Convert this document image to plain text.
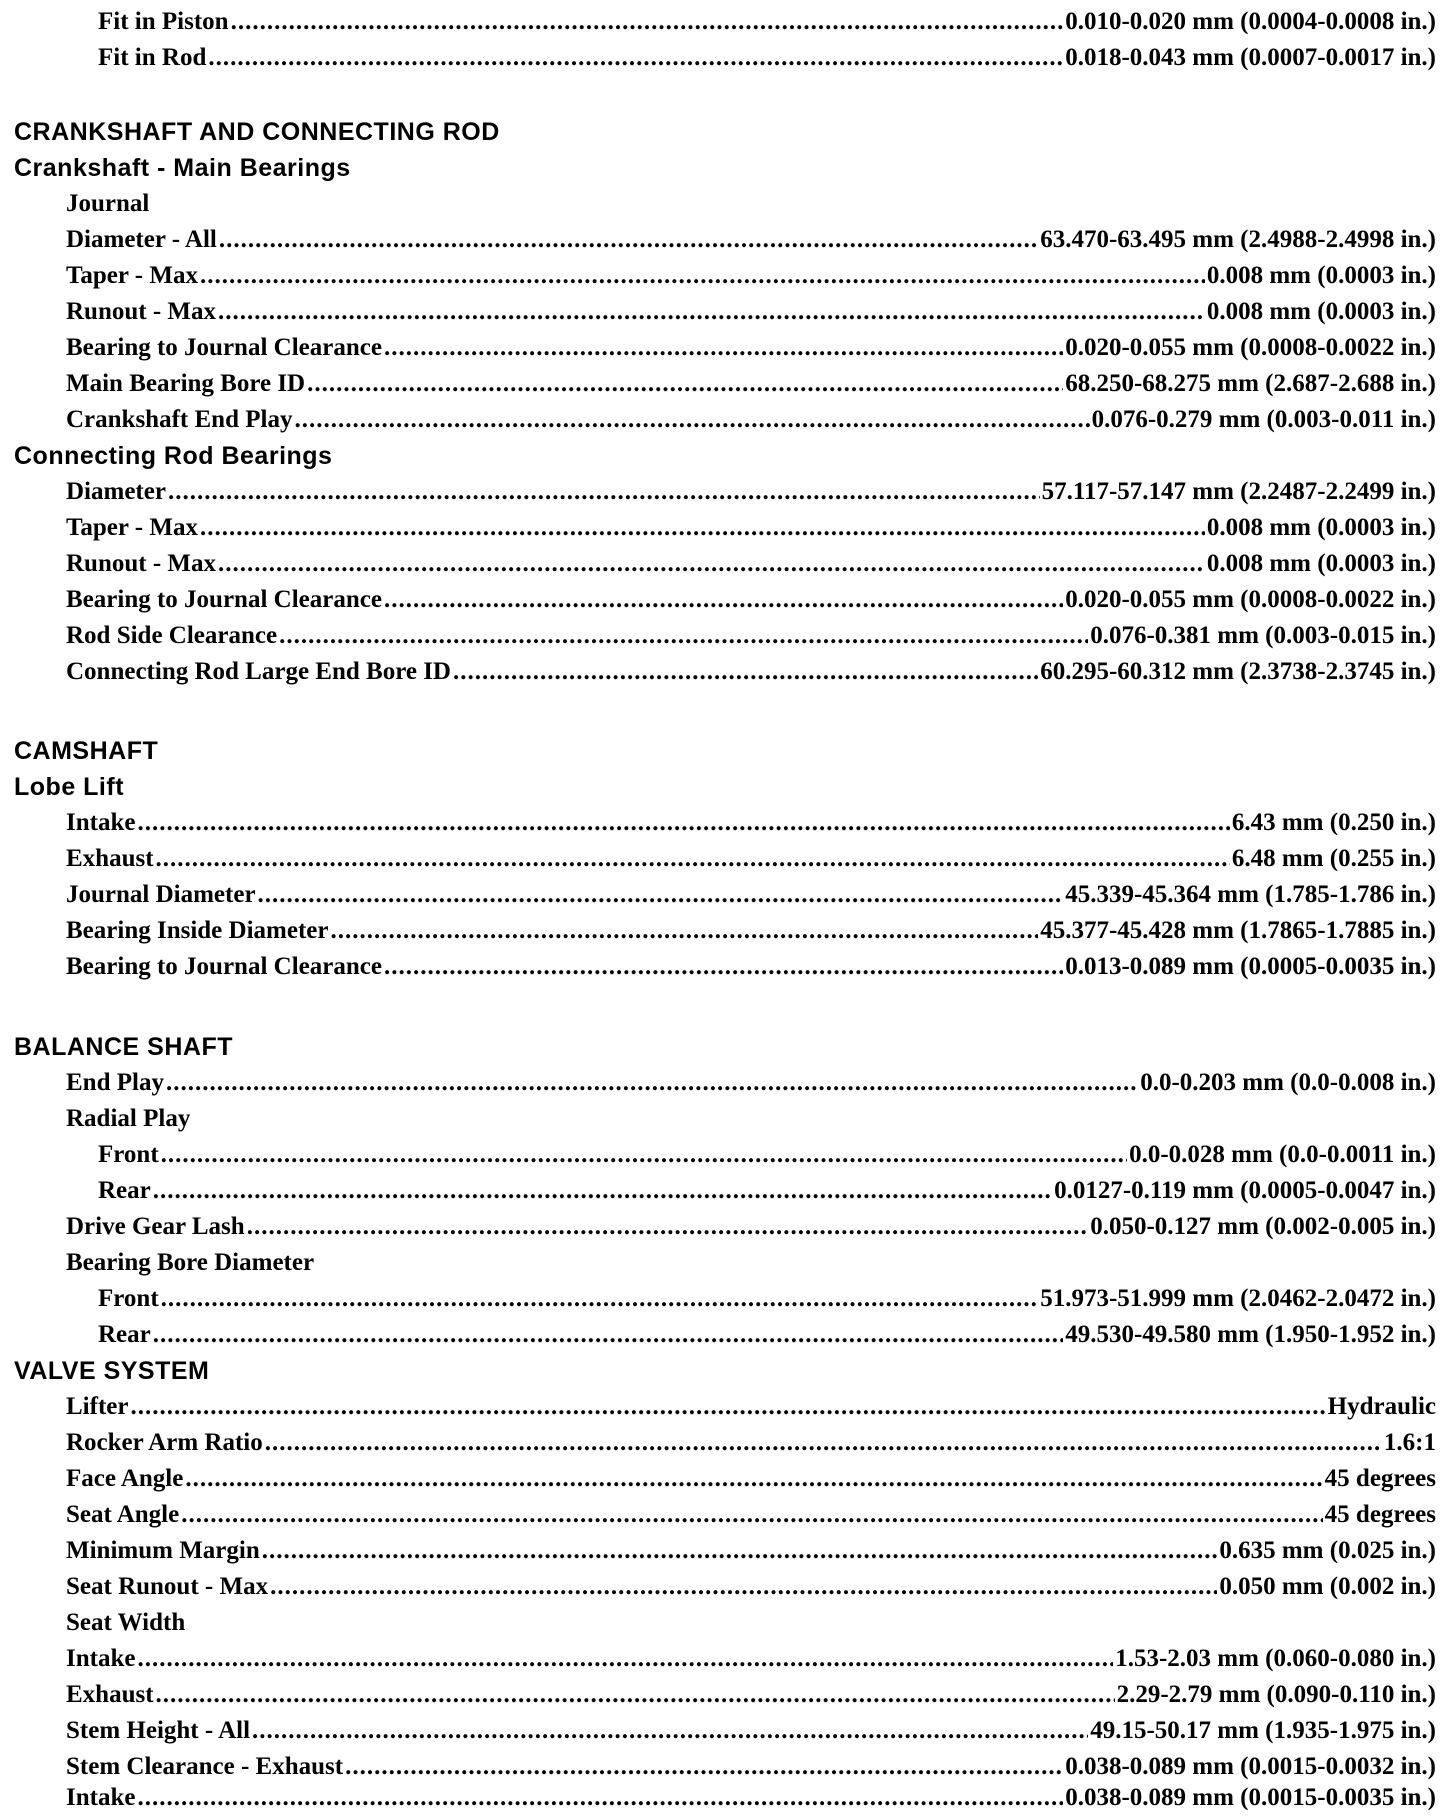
Fit in Piston .....	0.010-0.020 mm (0.0004-0.0008 in.)
Fit in Rod .....	0.018-0.043 mm (0.0007-0.0017 in.)
CRANKSHAFT AND CONNECTING ROD
Crankshaft - Main Bearings
Journal
Diameter - All .....	63.470-63.495 mm (2.4988-2.4998 in.)
Taper - Max .....	0.008 mm (0.0003 in.)
Runout - Max .....	0.008 mm (0.0003 in.)
Bearing to Journal Clearance .....	0.020-0.055 mm (0.0008-0.0022 in.)
Main Bearing Bore ID .....	68.250-68.275 mm (2.687-2.688 in.)
Crankshaft End Play .....	0.076-0.279 mm (0.003-0.011 in.)
Connecting Rod Bearings
Diameter .....	57.117-57.147 mm (2.2487-2.2499 in.)
Taper - Max .....	0.008 mm (0.0003 in.)
Runout - Max .....	0.008 mm (0.0003 in.)
Bearing to Journal Clearance .....	0.020-0.055 mm (0.0008-0.0022 in.)
Rod Side Clearance .....	0.076-0.381 mm (0.003-0.015 in.)
Connecting Rod Large End Bore ID .....	60.295-60.312 mm (2.3738-2.3745 in.)
CAMSHAFT
Lobe Lift
Intake .....	6.43 mm (0.250 in.)
Exhaust .....	6.48 mm (0.255 in.)
Journal Diameter .....	45.339-45.364 mm (1.785-1.786 in.)
Bearing Inside Diameter .....	45.377-45.428 mm (1.7865-1.7885 in.)
Bearing to Journal Clearance .....	0.013-0.089 mm (0.0005-0.0035 in.)
BALANCE SHAFT
End Play .....	0.0-0.203 mm (0.0-0.008 in.)
Radial Play
Front .....	0.0-0.028 mm (0.0-0.0011 in.)
Rear .....	0.0127-0.119 mm (0.0005-0.0047 in.)
Drive Gear Lash .....	0.050-0.127 mm (0.002-0.005 in.)
Bearing Bore Diameter
Front .....	51.973-51.999 mm (2.0462-2.0472 in.)
Rear .....	49.530-49.580 mm (1.950-1.952 in.)
VALVE SYSTEM
Lifter .....	Hydraulic
Rocker Arm Ratio .....	1.6:1
Face Angle .....	45 degrees
Seat Angle .....	45 degrees
Minimum Margin .....	0.635 mm (0.025 in.)
Seat Runout - Max .....	0.050 mm (0.002 in.)
Seat Width
Intake .....	1.53-2.03 mm (0.060-0.080 in.)
Exhaust .....	2.29-2.79 mm (0.090-0.110 in.)
Stem Height - All .....	49.15-50.17 mm (1.935-1.975 in.)
Stem Clearance - Exhaust .....	0.038-0.089 mm (0.0015-0.0032 in.)
Intake .....	0.038-0.089 mm (0.0015-0.0035 in.)
